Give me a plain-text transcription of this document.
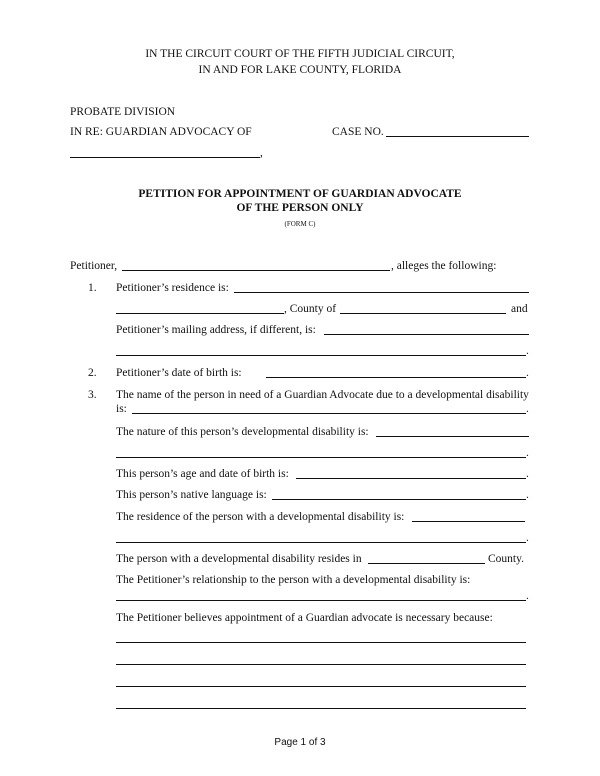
IN THE CIRCUIT COURT OF THE FIFTH JUDICIAL CIRCUIT,
IN AND FOR LAKE COUNTY, FLORIDA
PROBATE DIVISION
IN RE: GUARDIAN ADVOCACY OF	CASE NO.
,
PETITION FOR APPOINTMENT OF GUARDIAN ADVOCATE
OF THE PERSON ONLY
(FORM C)
Petitioner,	, alleges the following:
1. Petitioner’s residence is:
, County of	and
Petitioner’s mailing address, if different, is:
.
2. Petitioner’s date of birth is:	.
3. The name of the person in need of a Guardian Advocate due to a developmental disability
is:	.
The nature of this person’s developmental disability is:
.
This person’s age and date of birth is:	.
This person’s native language is:	.
The residence of the person with a developmental disability is:
.
The person with a developmental disability resides in	County.
The Petitioner’s relationship to the person with a developmental disability is:
.
The Petitioner believes appointment of a Guardian advocate is necessary because:
Page 1 of 3
